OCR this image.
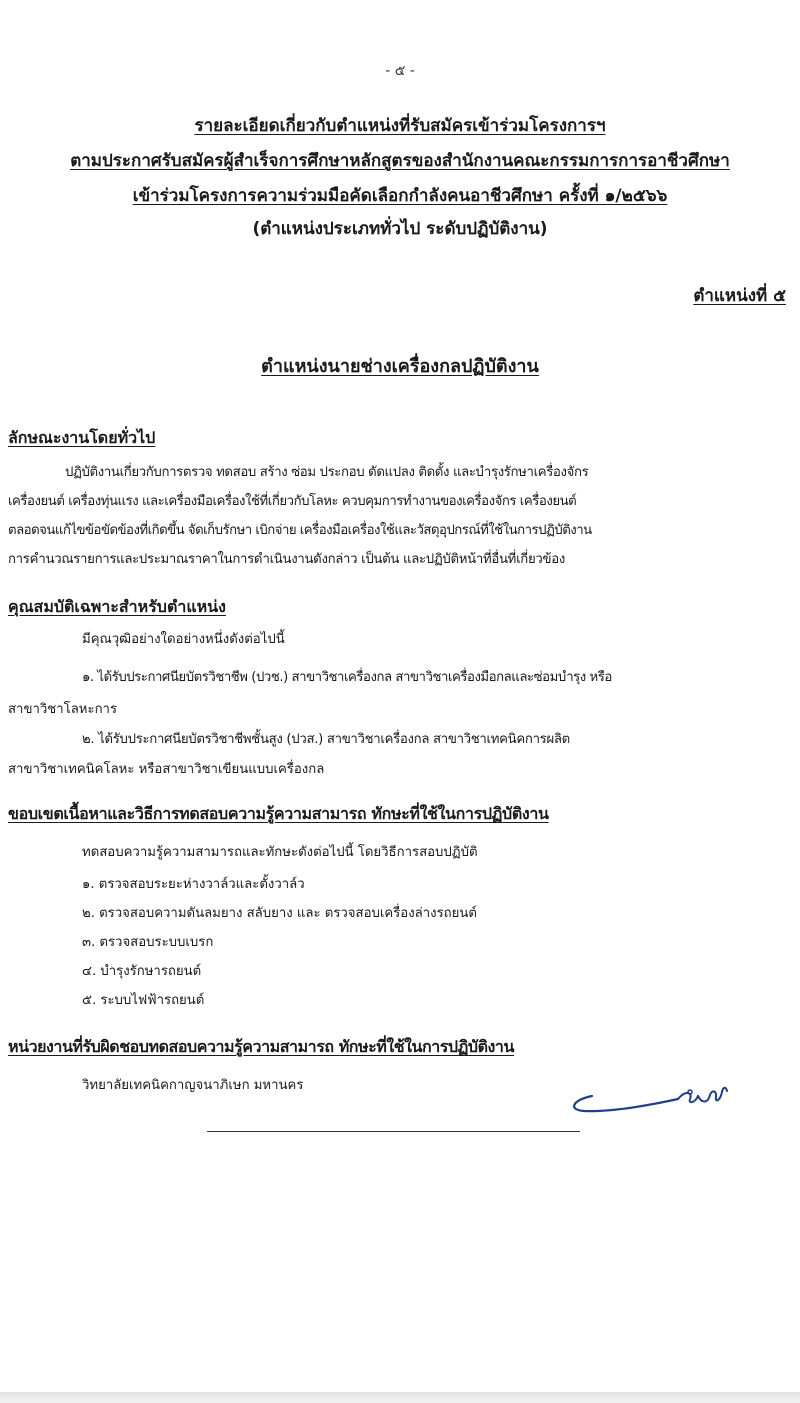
- ๕ -
รายละเอียดเกี่ยวกับตำแหน่งที่รับสมัครเข้าร่วมโครงการฯ
ตามประกาศรับสมัครผู้สำเร็จการศึกษาหลักสูตรของสำนักงานคณะกรรมการการอาชีวศึกษา
เข้าร่วมโครงการความร่วมมือคัดเลือกกำลังคนอาชีวศึกษา ครั้งที่ ๑/๒๕๖๖
(ตำแหน่งประเภททั่วไป ระดับปฏิบัติงาน)
ตำแหน่งที่ ๕
ตำแหน่งนายช่างเครื่องกลปฏิบัติงาน
ลักษณะงานโดยทั่วไป
ปฏิบัติงานเกี่ยวกับการตรวจ ทดสอบ สร้าง ซ่อม ประกอบ ดัดแปลง ติดตั้ง และบำรุงรักษาเครื่องจักร
เครื่องยนต์ เครื่องทุ่นแรง และเครื่องมือเครื่องใช้ที่เกี่ยวกับโลหะ ควบคุมการทำงานของเครื่องจักร เครื่องยนต์
ตลอดจนแก้ไขข้อขัดข้องที่เกิดขึ้น จัดเก็บรักษา เบิกจ่าย เครื่องมือเครื่องใช้และวัสดุอุปกรณ์ที่ใช้ในการปฏิบัติงาน
การคำนวณรายการและประมาณราคาในการดำเนินงานดังกล่าว เป็นต้น และปฏิบัติหน้าที่อื่นที่เกี่ยวข้อง
คุณสมบัติเฉพาะสำหรับตำแหน่ง
มีคุณวุฒิอย่างใดอย่างหนึ่งดังต่อไปนี้
๑. ได้รับประกาศนียบัตรวิชาชีพ (ปวช.) สาขาวิชาเครื่องกล สาขาวิชาเครื่องมือกลและซ่อมบำรุง หรือ
สาขาวิชาโลหะการ
๒. ได้รับประกาศนียบัตรวิชาชีพชั้นสูง (ปวส.) สาขาวิชาเครื่องกล สาขาวิชาเทคนิคการผลิต
สาขาวิชาเทคนิคโลหะ หรือสาขาวิชาเขียนแบบเครื่องกล
ขอบเขตเนื้อหาและวิธีการทดสอบความรู้ความสามารถ ทักษะที่ใช้ในการปฏิบัติงาน
ทดสอบความรู้ความสามารถและทักษะดังต่อไปนี้ โดยวิธีการสอบปฏิบัติ
๑. ตรวจสอบระยะห่างวาล์วและตั้งวาล์ว
๒. ตรวจสอบความดันลมยาง สลับยาง และ ตรวจสอบเครื่องล่างรถยนต์
๓. ตรวจสอบระบบเบรก
๔. บำรุงรักษารถยนต์
๕. ระบบไฟฟ้ารถยนต์
หน่วยงานที่รับผิดชอบทดสอบความรู้ความสามารถ ทักษะที่ใช้ในการปฏิบัติงาน
วิทยาลัยเทคนิคกาญจนาภิเษก มหานคร
